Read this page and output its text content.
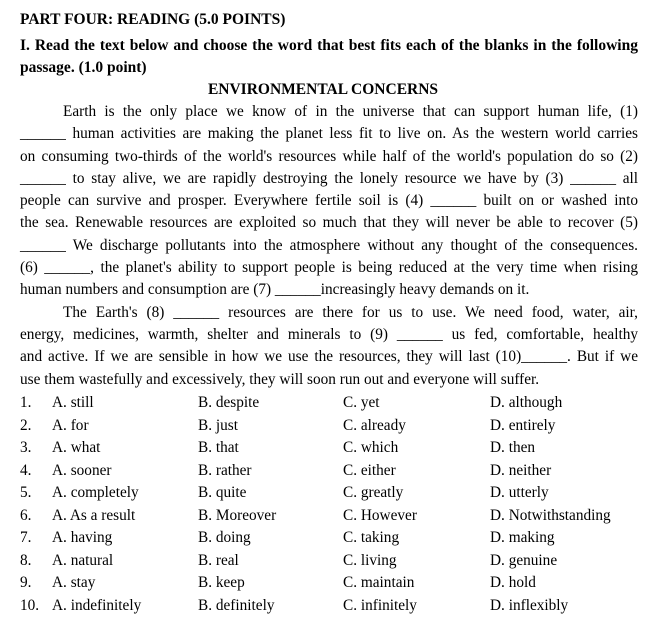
PART FOUR: READING (5.0 POINTS)
I. Read the text below and choose the word that best fits each of the blanks in the following passage. (1.0 point)
ENVIRONMENTAL CONCERNS
Earth is the only place we know of in the universe that can support human life, (1)
______ human activities are making the planet less fit to live on. As the western world carries
on consuming two-thirds of the world's resources while half of the world's population do so (2)
______ to stay alive, we are rapidly destroying the lonely resource we have by (3) ______ all
people can survive and prosper. Everywhere fertile soil is (4) ______ built on or washed into
the sea. Renewable resources are exploited so much that they will never be able to recover (5)
______ We discharge pollutants into the atmosphere without any thought of the consequences.
(6) ______, the planet's ability to support people is being reduced at the very time when rising
human numbers and consumption are (7) ______increasingly heavy demands on it.
The Earth's (8) ______ resources are there for us to use. We need food, water, air,
energy, medicines, warmth, shelter and minerals to (9) ______ us fed, comfortable, healthy
and active. If we are sensible in how we use the resources, they will last (10)______. But if we
use them wastefully and excessively, they will soon run out and everyone will suffer.
1. A. still	B. despite	C. yet	D. although
2. A. for	B. just	C. already	D. entirely
3. A. what	B. that	C. which	D. then
4. A. sooner	B. rather	C. either	D. neither
5. A. completely	B. quite	C. greatly	D. utterly
6. A. As a result	B. Moreover	C. However	D. Notwithstanding
7. A. having	B. doing	C. taking	D. making
8. A. natural	B. real	C. living	D. genuine
9. A. stay	B. keep	C. maintain	D. hold
10. A. indefinitely	B. definitely	C. infinitely	D. inflexibly
